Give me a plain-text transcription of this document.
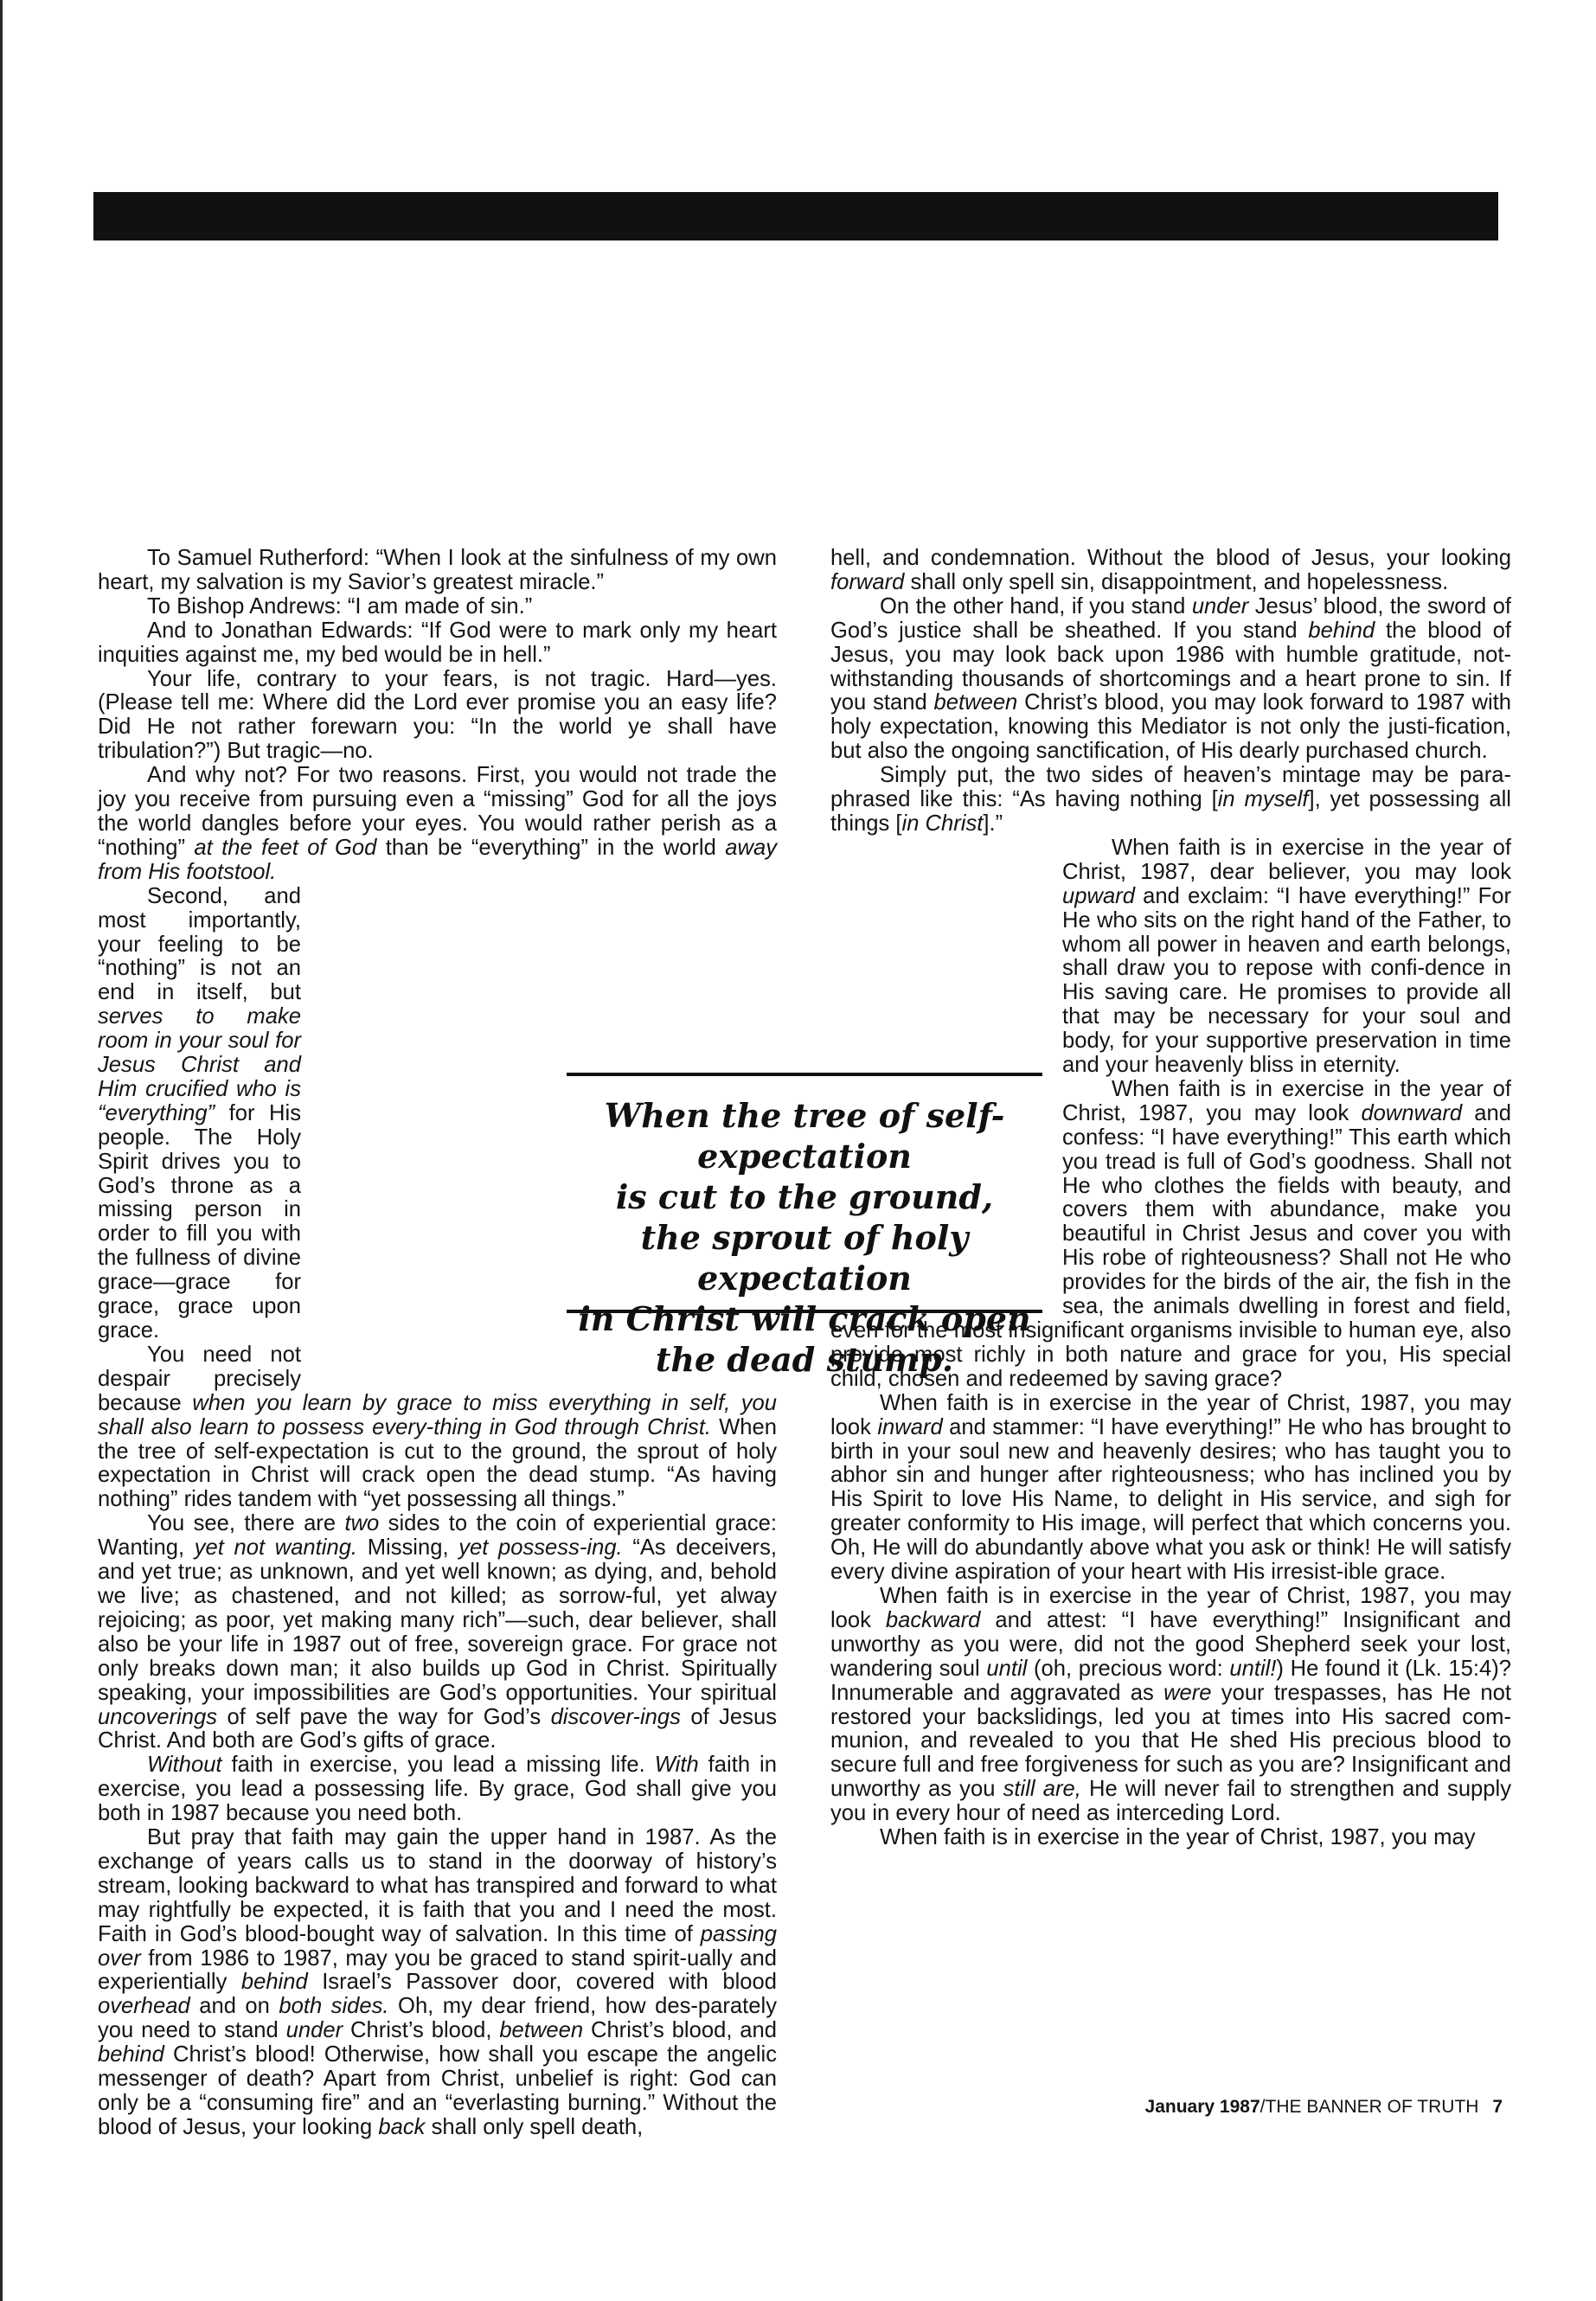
To Samuel Rutherford: “When I look at the sinfulness of my own heart, my salvation is my Savior’s greatest miracle.”

To Bishop Andrews: “I am made of sin.”

And to Jonathan Edwards: “If God were to mark only my heart inquities against me, my bed would be in hell.”

Your life, contrary to your fears, is not tragic. Hard—yes. (Please tell me: Where did the Lord ever promise you an easy life? Did He not rather forewarn you: “In the world ye shall have tribulation?”) But tragic—no.

And why not? For two reasons. First, you would not trade the joy you receive from pursuing even a “missing” God for all the joys the world dangles before your eyes. You would rather perish as a “nothing” at the feet of God than be “everything” in the world away from His footstool.

Second, and most importantly, your feeling to be “nothing” is not an end in itself, but serves to make room in your soul for Jesus Christ and Him crucified who is “everything” for His people. The Holy Spirit drives you to God’s throne as a missing person in order to fill you with the fullness of divine grace—grace for grace, grace upon grace.

You need not despair precisely because when you learn by grace to miss everything in self, you shall also learn to possess every-thing in God through Christ. When the tree of self-expectation is cut to the ground, the sprout of holy expectation in Christ will crack open the dead stump. “As having nothing” rides tandem with “yet possessing all things.”

You see, there are two sides to the coin of experiential grace: Wanting, yet not wanting. Missing, yet possess-ing. “As deceivers, and yet true; as unknown, and yet well known; as dying, and, behold we live; as chastened, and not killed; as sorrow-ful, yet alway rejoicing; as poor, yet making many rich”—such, dear believer, shall also be your life in 1987 out of free, sovereign grace. For grace not only breaks down man; it also builds up God in Christ. Spiritually speaking, your impossibilities are God’s opportunities. Your spiritual uncoverings of self pave the way for God’s discover-ings of Jesus Christ. And both are God’s gifts of grace.

Without faith in exercise, you lead a missing life. With faith in exercise, you lead a possessing life. By grace, God shall give you both in 1987 because you need both.

But pray that faith may gain the upper hand in 1987. As the exchange of years calls us to stand in the doorway of history’s stream, looking backward to what has transpired and forward to what may rightfully be expected, it is faith that you and I need the most. Faith in God’s blood-bought way of salvation. In this time of passing over from 1986 to 1987, may you be graced to stand spirit-ually and experientially behind Israel’s Passover door, covered with blood overhead and on both sides. Oh, my dear friend, how des-parately you need to stand under Christ’s blood, between Christ’s blood, and behind Christ’s blood! Otherwise, how shall you escape the angelic messenger of death? Apart from Christ, unbelief is right: God can only be a “consuming fire” and an “everlasting burning.” Without the blood of Jesus, your looking back shall only spell death,

hell, and condemnation. Without the blood of Jesus, your looking forward shall only spell sin, disappointment, and hopelessness.

On the other hand, if you stand under Jesus’ blood, the sword of God’s justice shall be sheathed. If you stand behind the blood of Jesus, you may look back upon 1986 with humble gratitude, not-withstanding thousands of shortcomings and a heart prone to sin. If you stand between Christ’s blood, you may look forward to 1987 with holy expectation, knowing this Mediator is not only the justi-fication, but also the ongoing sanctification, of His dearly purchased church.

Simply put, the two sides of heaven’s mintage may be para-phrased like this: “As having nothing [in myself], yet possessing all things [in Christ].”

When faith is in exercise in the year of Christ, 1987, dear believer, you may look upward and exclaim: “I have everything!” For He who sits on the right hand of the Father, to whom all power in heaven and earth belongs, shall draw you to repose with confi-dence in His saving care. He promises to provide all that may be necessary for your soul and body, for your supportive preservation in time and your heavenly bliss in eternity.

When faith is in exercise in the year of Christ, 1987, you may look downward and confess: “I have everything!” This earth which you tread is full of God’s goodness. Shall not He who clothes the fields with beauty, and covers them with abundance, make you beautiful in Christ Jesus and cover you with His robe of righteousness? Shall not He who provides for the birds of the air, the fish in the sea, the animals dwelling in forest and field, even for the most insignificant organisms invisible to human eye, also provide most richly in both nature and grace for you, His special child, chosen and redeemed by saving grace?

When faith is in exercise in the year of Christ, 1987, you may look inward and stammer: “I have everything!” He who has brought to birth in your soul new and heavenly desires; who has taught you to abhor sin and hunger after righteousness; who has inclined you by His Spirit to love His Name, to delight in His service, and sigh for greater conformity to His image, will perfect that which concerns you. Oh, He will do abundantly above what you ask or think! He will satisfy every divine aspiration of your heart with His irresist-ible grace.

When faith is in exercise in the year of Christ, 1987, you may look backward and attest: “I have everything!” Insignificant and unworthy as you were, did not the good Shepherd seek your lost, wandering soul until (oh, precious word: until!) He found it (Lk. 15:4)? Innumerable and aggravated as were your trespasses, has He not restored your backslidings, led you at times into His sacred com-munion, and revealed to you that He shed His precious blood to secure full and free forgiveness for such as you are? Insignificant and unworthy as you still are, He will never fail to strengthen and supply you in every hour of need as interceding Lord.

When faith is in exercise in the year of Christ, 1987, you may

When the tree of self-expectation
is cut to the ground,
the sprout of holy expectation
in Christ will crack open
the dead stump.
January 1987/THE BANNER OF TRUTH 7
